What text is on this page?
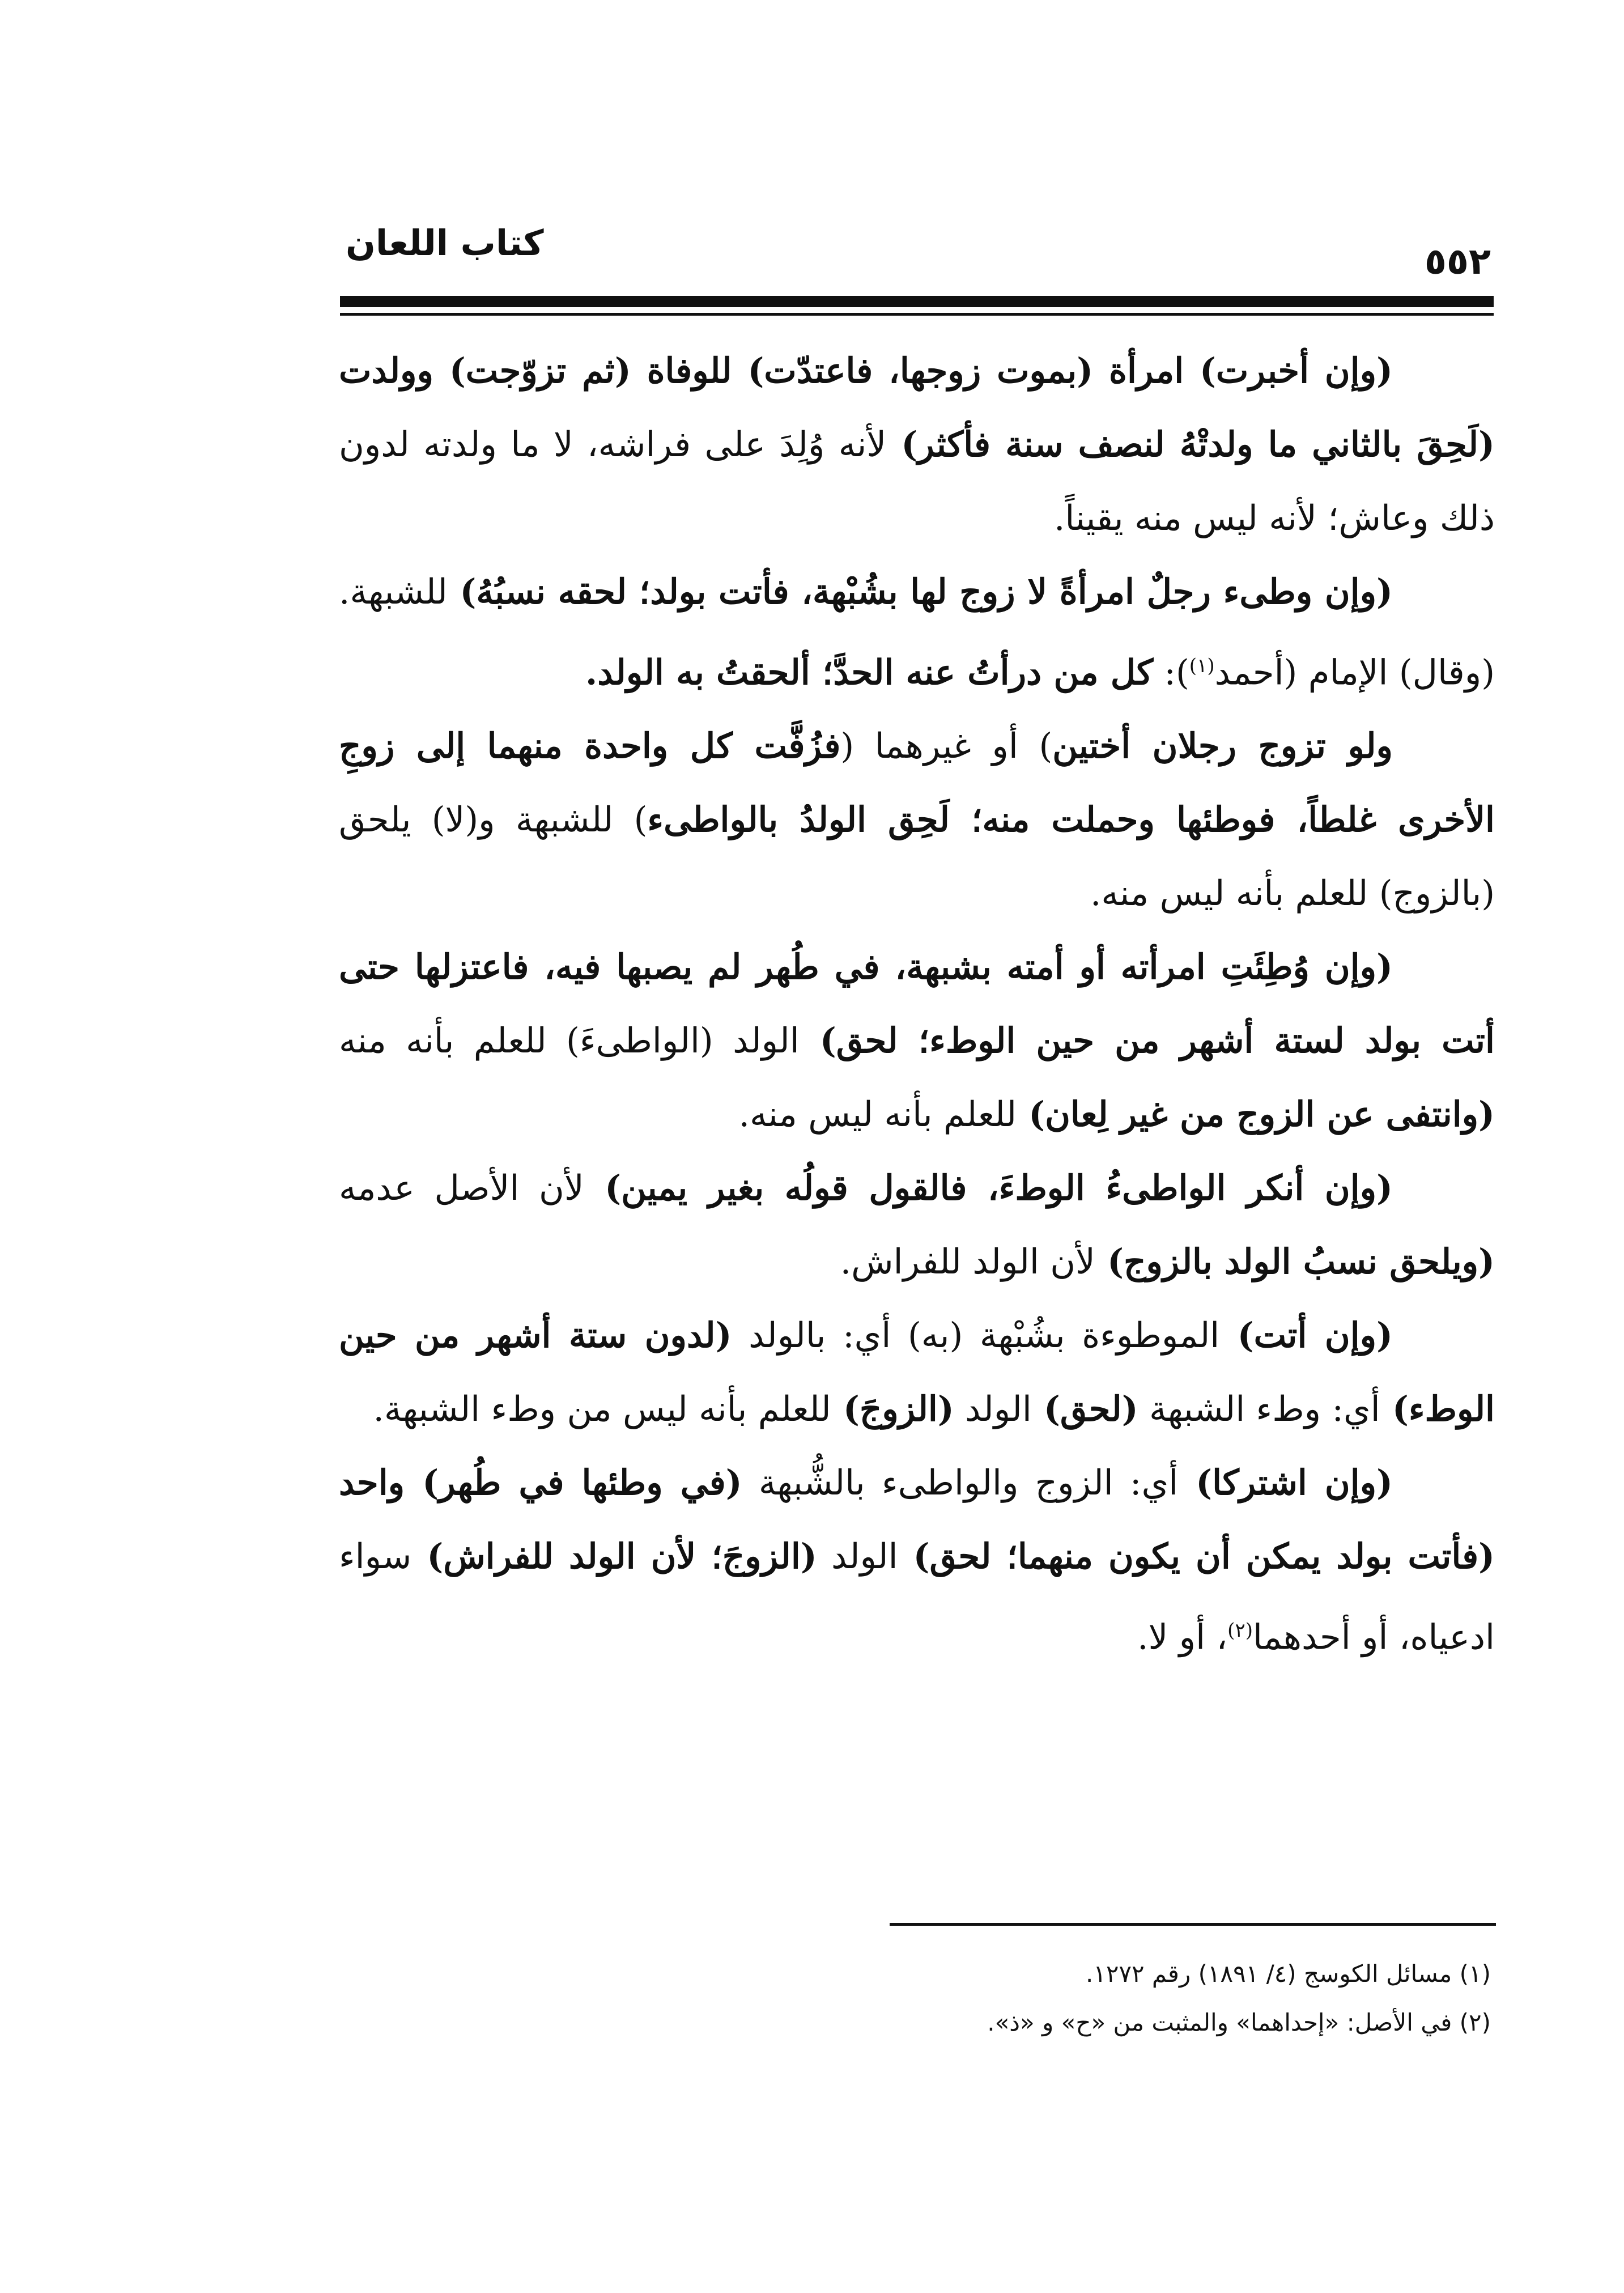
كتاب اللعان	٥٥٢

(وإن أخبرت) امرأة (بموت زوجها، فاعتدّت) للوفاة (ثم تزوّجت) وولدت (لَحِقَ بالثاني ما ولدتْهُ لنصف سنة فأكثر) لأنه وُلِدَ على فراشه، لا ما ولدته لدون ذلك وعاش؛ لأنه ليس منه يقيناً.

(وإن وطىء رجلٌ امرأةً لا زوج لها بشُبْهة، فأتت بولد؛ لحقه نسبُهُ) للشبهة. (وقال) الإمام (أحمد$^{(١)}$): كل من درأتُ عنه الحدَّ؛ ألحقتُ به الولد.

ولو تزوج رجلان أختين) أو غيرهما (فزُفَّت كل واحدة منهما إلى زوجِ الأخرى غلطاً، فوطئها وحملت منه؛ لَحِق الولدُ بالواطىء) للشبهة و(لا) يلحق (بالزوج) للعلم بأنه ليس منه.

(وإن وُطِئَتِ امرأته أو أمته بشبهة، في طُهر لم يصبها فيه، فاعتزلها حتى أتت بولد لستة أشهر من حين الوطء؛ لحق) الولد (الواطىءَ) للعلم بأنه منه (وانتفى عن الزوج من غير لِعان) للعلم بأنه ليس منه.

(وإن أنكر الواطىءُ الوطءَ، فالقول قولُه بغير يمين) لأن الأصل عدمه (ويلحق نسبُ الولد بالزوج) لأن الولد للفراش.

(وإن أتت) الموطوءة بشُبْهة (به) أي: بالولد (لدون ستة أشهر من حين الوطء) أي: وطء الشبهة (لحق) الولد (الزوجَ) للعلم بأنه ليس من وطء الشبهة.

(وإن اشتركا) أي: الزوج والواطىء بالشُّبهة (في وطئها في طُهر) واحد (فأتت بولد يمكن أن يكون منهما؛ لحق) الولد (الزوجَ؛ لأن الولد للفراش) سواء ادعياه، أو أحدهما$^{(٢)}$، أو لا.

(١) مسائل الكوسج (٤/ ١٨٩١) رقم ١٢٧٢.

(٢) في الأصل: «إحداهما» والمثبت من «ح» و «ذ».
